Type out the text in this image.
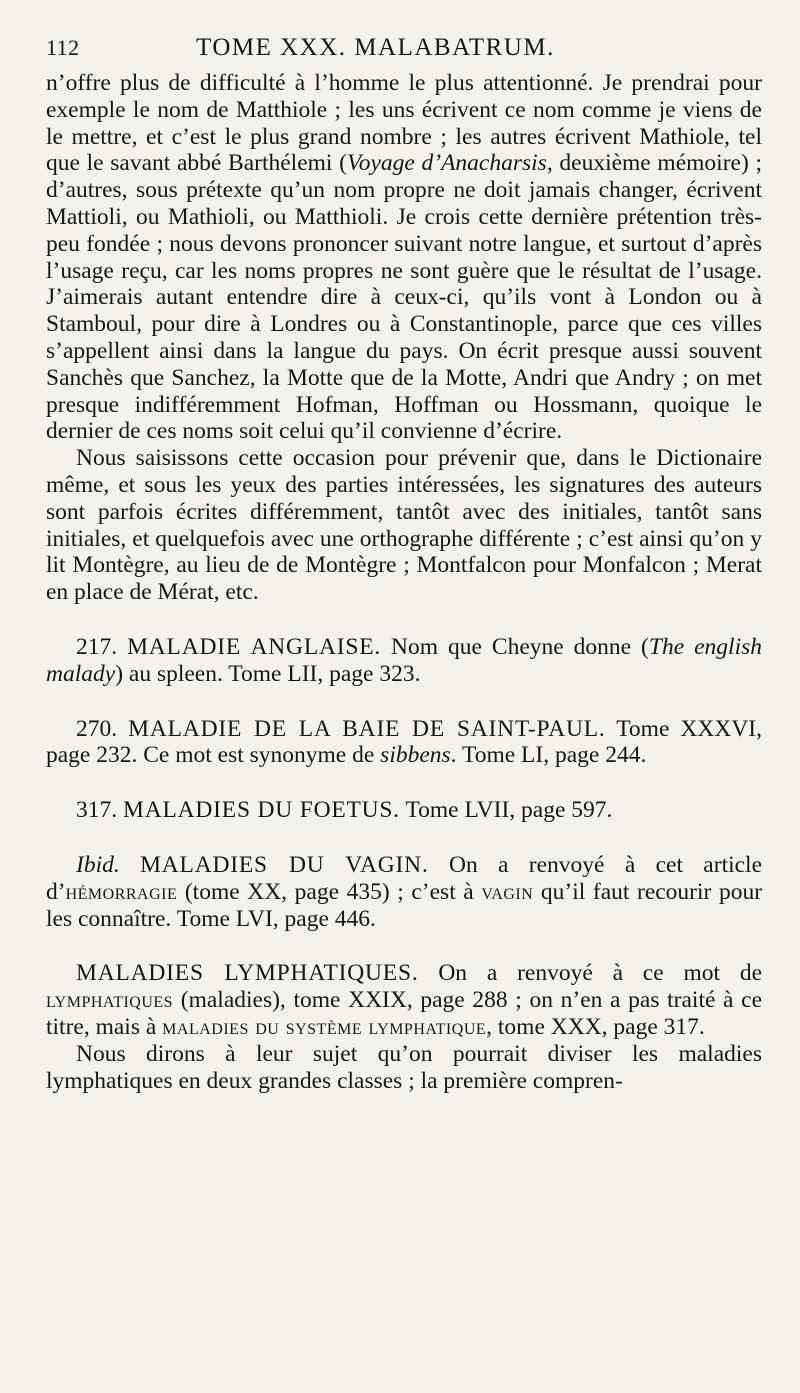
112	TOME XXX. MALABATRUM.

n’offre plus de difficulté à l’homme le plus attentionné. Je prendrai pour exemple le nom de Matthiole ; les uns écrivent ce nom comme je viens de le mettre, et c’est le plus grand nombre ; les autres écrivent Mathiole, tel que le savant abbé Barthélemi (Voyage d’Anacharsis, deuxième mémoire) ; d’autres, sous prétexte qu’un nom propre ne doit jamais changer, écrivent Mattioli, ou Mathioli, ou Matthioli. Je crois cette dernière prétention très-peu fondée ; nous devons prononcer suivant notre langue, et surtout d’après l’usage reçu, car les noms propres ne sont guère que le résultat de l’usage. J’aimerais autant entendre dire à ceux-ci, qu’ils vont à London ou à Stamboul, pour dire à Londres ou à Constantinople, parce que ces villes s’appellent ainsi dans la langue du pays. On écrit presque aussi souvent Sanchès que Sanchez, la Motte que de la Motte, Andri que Andry ; on met presque indifféremment Hofman, Hoffman ou Hossmann, quoique le dernier de ces noms soit celui qu’il convienne d’écrire.

Nous saisissons cette occasion pour prévenir que, dans le Dictionaire même, et sous les yeux des parties intéressées, les signatures des auteurs sont parfois écrites différemment, tantôt avec des initiales, tantôt sans initiales, et quelquefois avec une orthographe différente ; c’est ainsi qu’on y lit Montègre, au lieu de de Montègre ; Montfalcon pour Monfalcon ; Merat en place de Mérat, etc.

217. MALADIE ANGLAISE. Nom que Cheyne donne (The english malady) au spleen. Tome LII, page 323.

270. MALADIE DE LA BAIE DE SAINT-PAUL. Tome XXXVI, page 232. Ce mot est synonyme de sibbens. Tome LI, page 244.

317. MALADIES DU FOETUS. Tome LVII, page 597.

Ibid. MALADIES DU VAGIN. On a renvoyé à cet article d’hémorragie (tome XX, page 435) ; c’est à vagin qu’il faut recourir pour les connaître. Tome LVI, page 446.

MALADIES LYMPHATIQUES. On a renvoyé à ce mot de lymphatiques (maladies), tome XXIX, page 288 ; on n’en a pas traité à ce titre, mais à maladies du système lymphatique, tome XXX, page 317.

Nous dirons à leur sujet qu’on pourrait diviser les maladies lymphatiques en deux grandes classes ; la première compren-
